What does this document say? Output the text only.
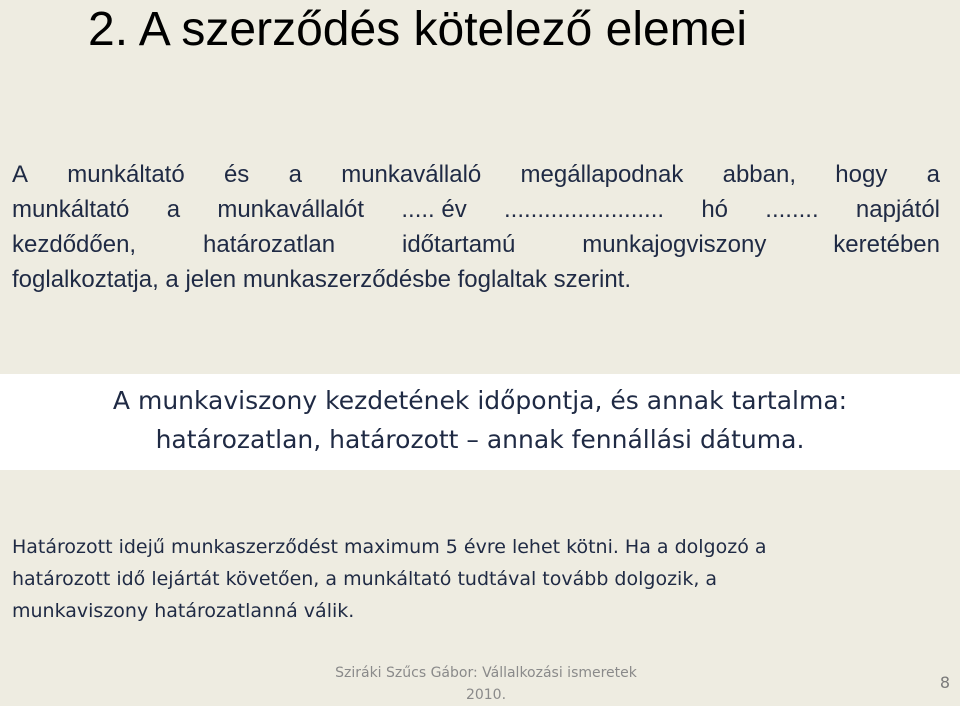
2. A szerződés kötelező elemei
A munkáltató és a munkavállaló megállapodnak abban, hogy a
munkáltató a munkavállalót ..... év ........................ hó ........ napjától
kezdődően,	határozatlan	időtartamú	munkajogviszony	keretében
foglalkoztatja, a jelen munkaszerződésbe foglaltak szerint.
A munkaviszony kezdetének időpontja, és annak tartalma:
határozatlan, határozott – annak fennállási dátuma.
Határozott idejű munkaszerződést maximum 5 évre lehet kötni. Ha a dolgozó a
határozott idő lejártát követően, a munkáltató tudtával tovább dolgozik, a
munkaviszony határozatlanná válik.
Sziráki Szűcs Gábor: Vállalkozási ismeretek
2010.
8
